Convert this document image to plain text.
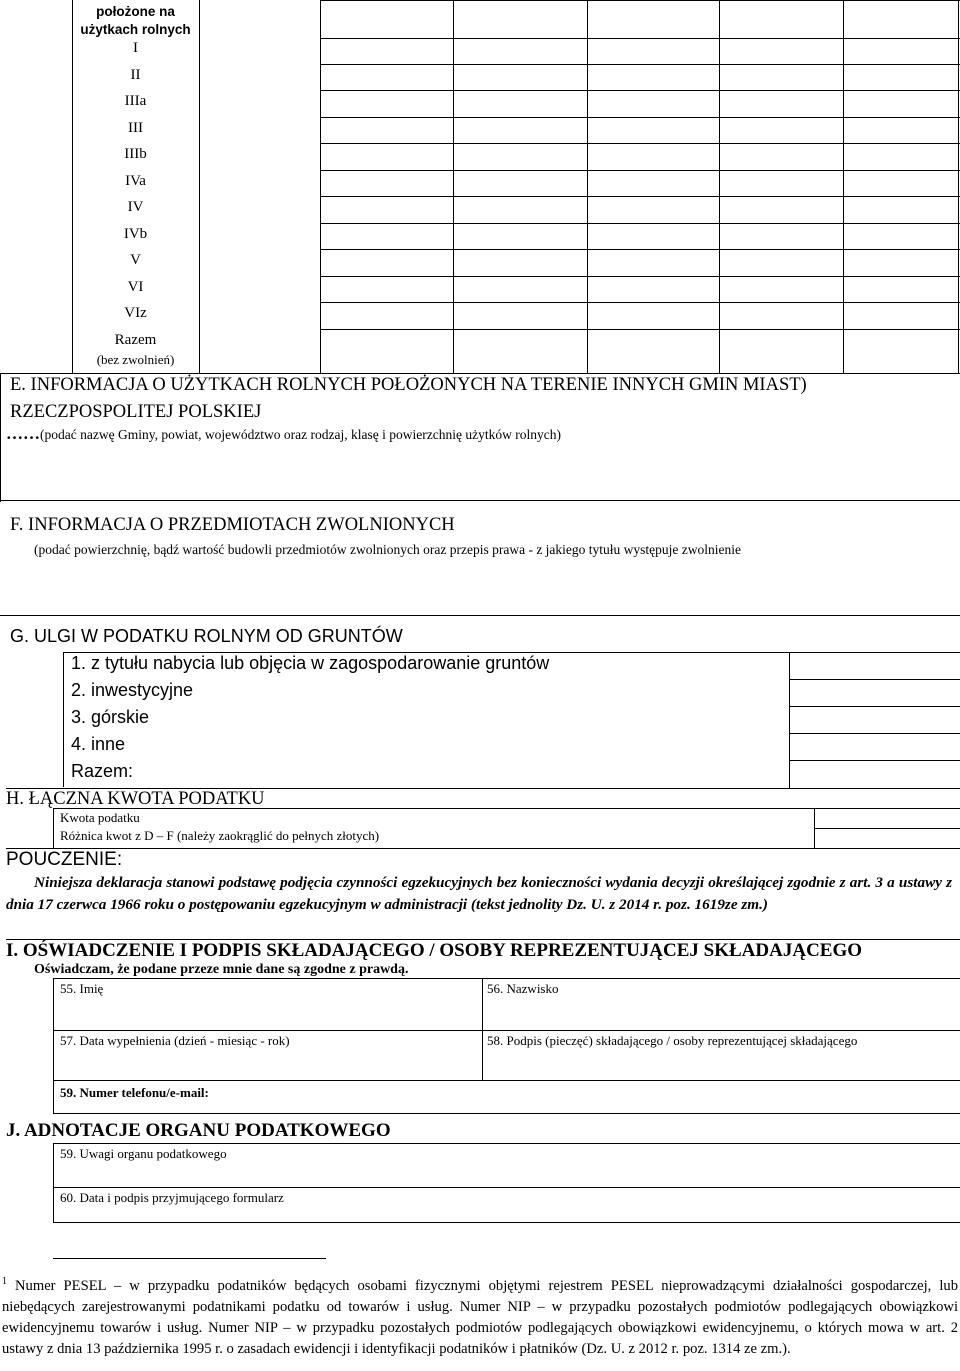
położone na
użytkach rolnych
I
II
IIIa
III
IIIb
IVa
IV
IVb
V
VI
VIz
Razem
(bez zwolnień)
E. INFORMACJA O UŻYTKACH ROLNYCH POŁOŻONYCH NA TERENIE INNYCH GMIN MIAST)
RZECZPOSPOLITEJ POLSKIEJ
……(podać nazwę Gminy, powiat, województwo oraz rodzaj, klasę i powierzchnię użytków rolnych)
F. INFORMACJA O PRZEDMIOTACH ZWOLNIONYCH
(podać powierzchnię, bądź wartość budowli przedmiotów zwolnionych oraz przepis prawa - z jakiego tytułu występuje zwolnienie
G. ULGI W PODATKU ROLNYM OD GRUNTÓW
1. z tytułu nabycia lub objęcia w zagospodarowanie gruntów
2. inwestycyjne
3. górskie
4. inne
Razem:
H. ŁĄCZNA KWOTA PODATKU
Kwota podatku
Różnica kwot z D – F (należy zaokrąglić do pełnych złotych)
POUCZENIE:
Niniejsza deklaracja stanowi podstawę podjęcia czynności egzekucyjnych bez konieczności wydania decyzji określającej zgodnie z art. 3 a ustawy z dnia 17 czerwca 1966 roku o postępowaniu egzekucyjnym w administracji (tekst jednolity Dz. U. z 2014 r. poz. 1619ze zm.)
I. OŚWIADCZENIE I PODPIS SKŁADAJĄCEGO / OSOBY REPREZENTUJĄCEJ SKŁADAJĄCEGO
Oświadczam, że podane przeze mnie dane są zgodne z prawdą.
55. Imię	56. Nazwisko
57. Data wypełnienia (dzień - miesiąc - rok)	58. Podpis (pieczęć) składającego / osoby reprezentującej składającego
59. Numer telefonu/e-mail:
J. ADNOTACJE ORGANU PODATKOWEGO
59. Uwagi organu podatkowego
60. Data i podpis przyjmującego formularz
$^1$ Numer PESEL – w przypadku podatników będących osobami fizycznymi objętymi rejestrem PESEL nieprowadzącymi działalności gospodarczej, lub niebędących zarejestrowanymi podatnikami podatku od towarów i usług. Numer NIP – w przypadku pozostałych podmiotów podlegających obowiązkowi ewidencyjnemu towarów i usług. Numer NIP – w przypadku pozostałych podmiotów podlegających obowiązkowi ewidencyjnemu, o których mowa w art. 2 ustawy z dnia 13 października 1995 r. o zasadach ewidencji i identyfikacji podatników i płatników (Dz. U. z 2012 r. poz. 1314 ze zm.).
